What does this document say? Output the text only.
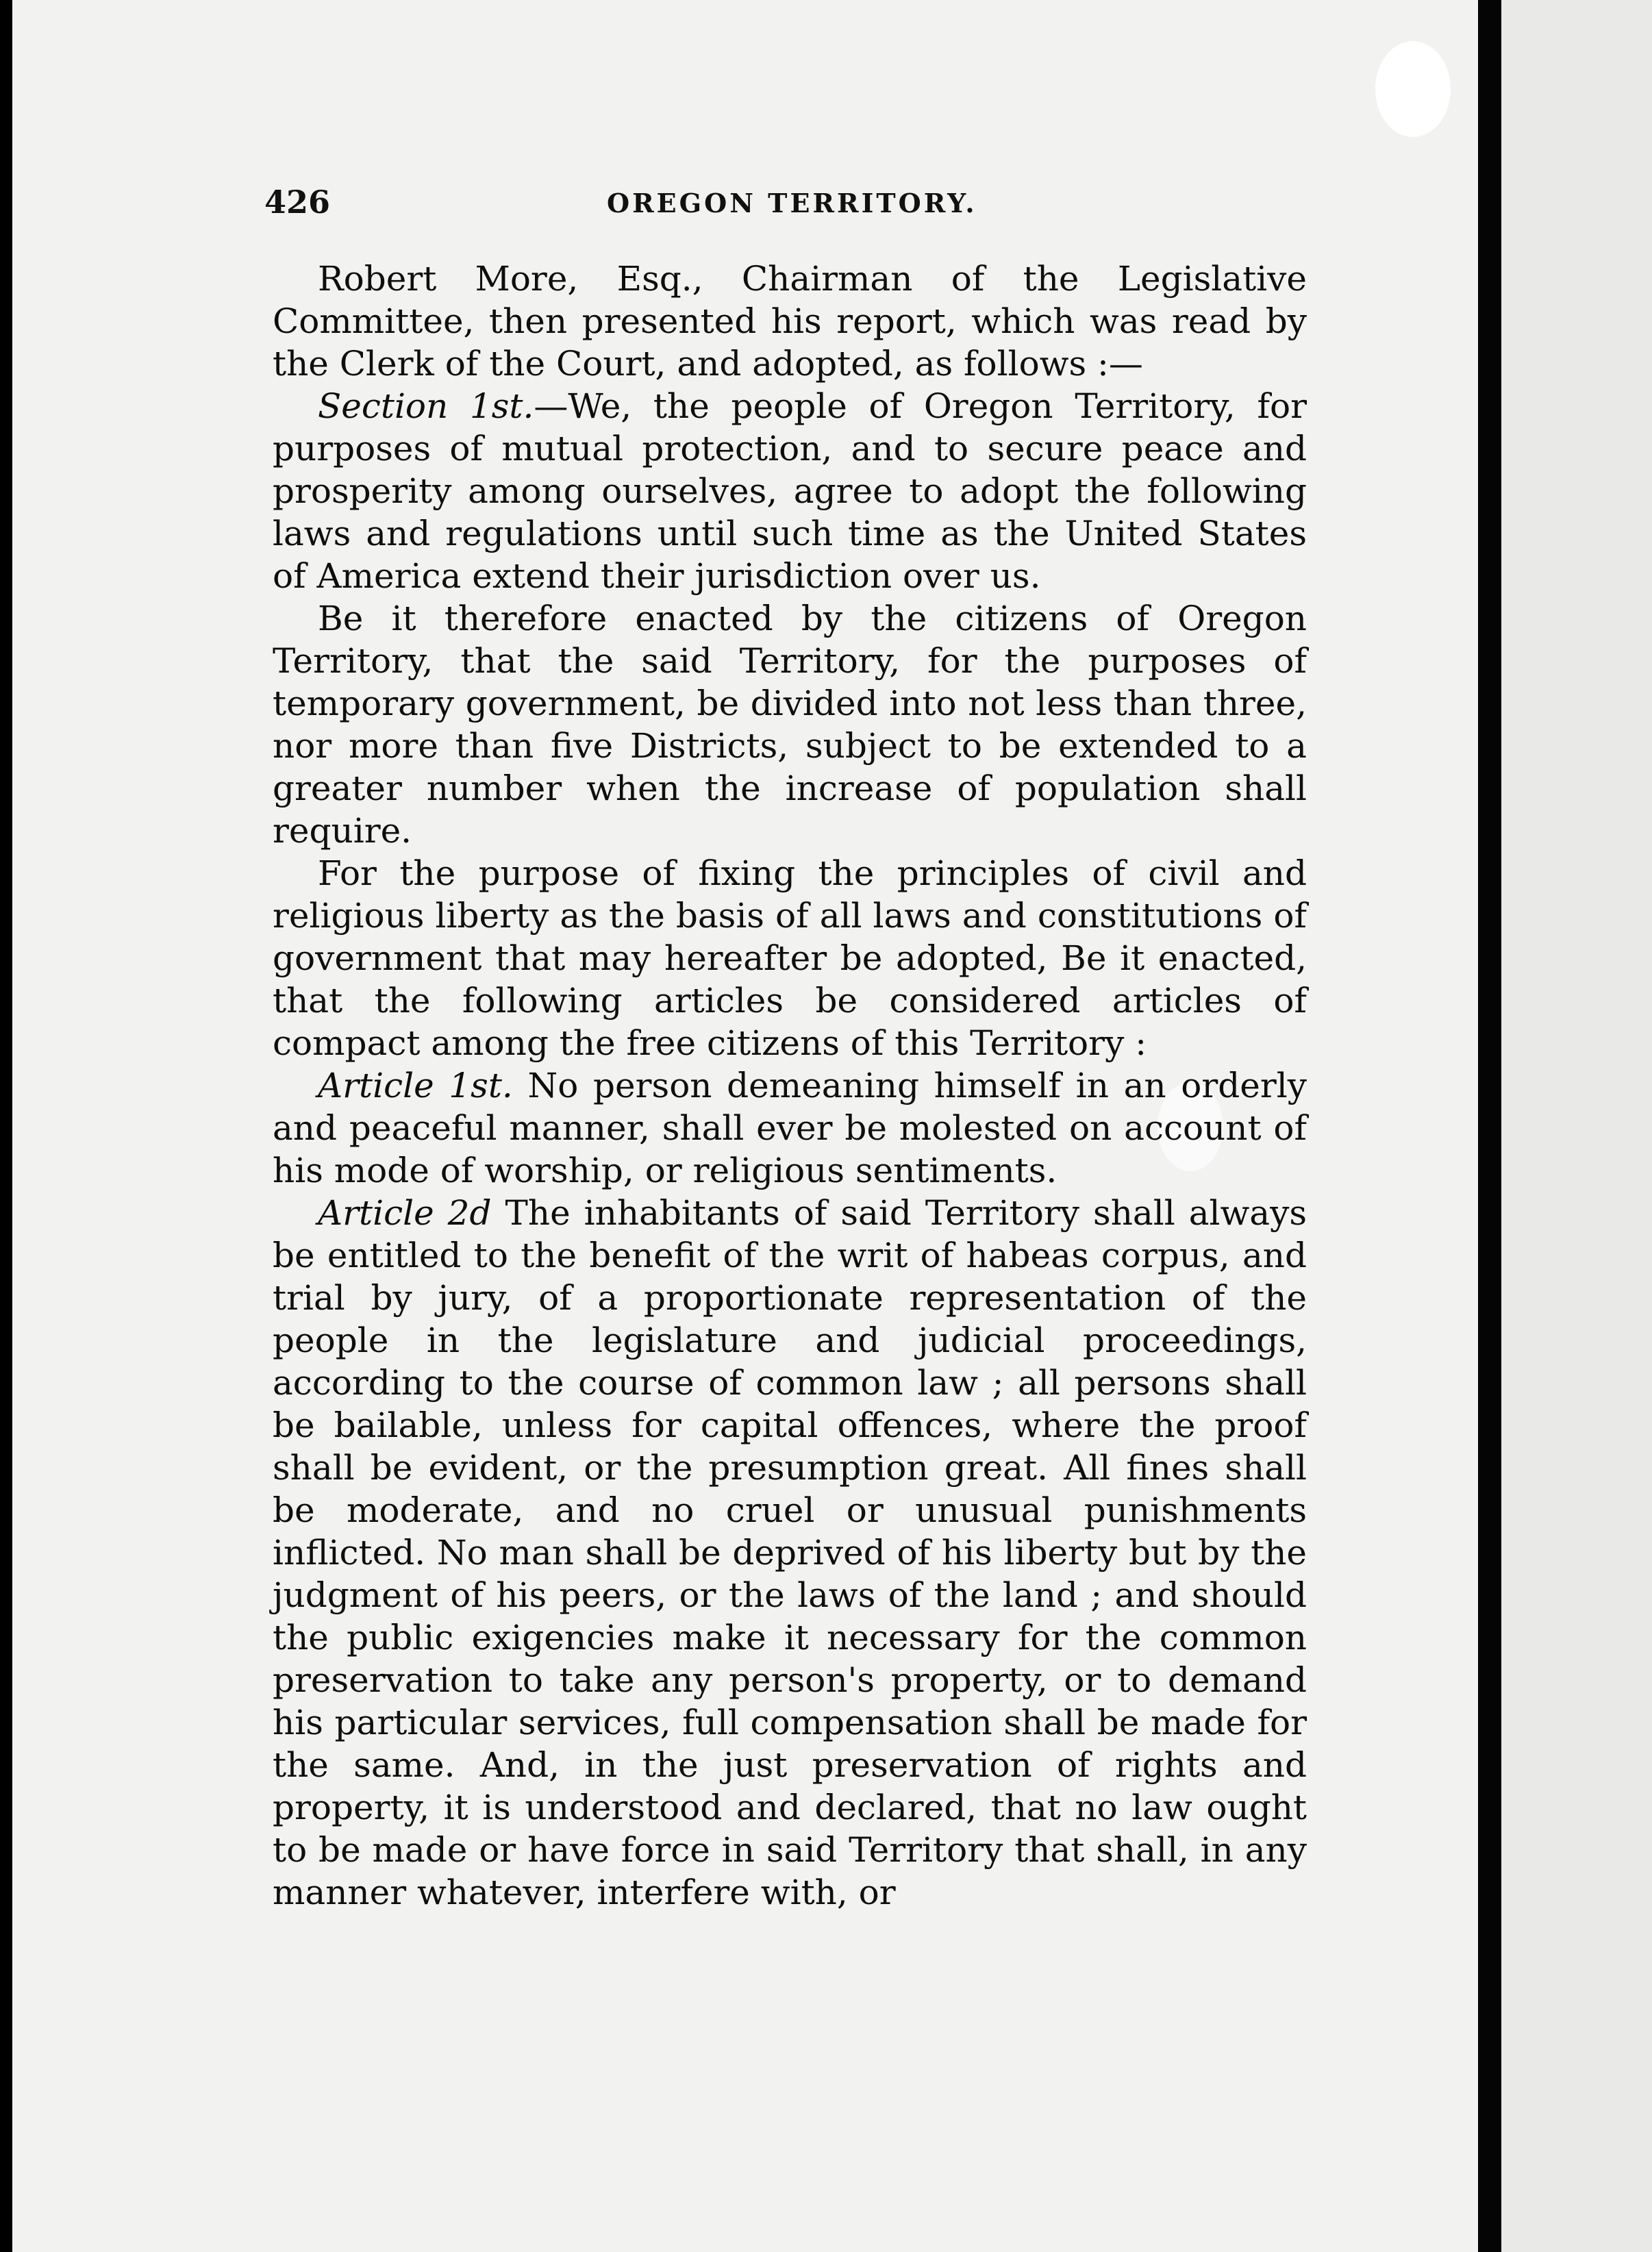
426	OREGON TERRITORY.

Robert More, Esq., Chairman of the Legislative Committee, then presented his report, which was read by the Clerk of the Court, and adopted, as follows :—

Section 1st.—We, the people of Oregon Territory, for purposes of mutual protection, and to secure peace and prosperity among ourselves, agree to adopt the following laws and regulations until such time as the United States of America extend their jurisdiction over us.

Be it therefore enacted by the citizens of Oregon Territory, that the said Territory, for the purposes of temporary government, be divided into not less than three, nor more than five Districts, subject to be extended to a greater number when the increase of population shall require.

For the purpose of fixing the principles of civil and religious liberty as the basis of all laws and constitutions of government that may hereafter be adopted, Be it enacted, that the following articles be considered articles of compact among the free citizens of this Territory :

Article 1st. No person demeaning himself in an orderly and peaceful manner, shall ever be molested on account of his mode of worship, or religious sentiments.

Article 2d The inhabitants of said Territory shall always be entitled to the benefit of the writ of habeas corpus, and trial by jury, of a proportionate representation of the people in the legislature and judicial proceedings, according to the course of common law ; all persons shall be bailable, unless for capital offences, where the proof shall be evident, or the presumption great. All fines shall be moderate, and no cruel or unusual punishments inflicted. No man shall be deprived of his liberty but by the judgment of his peers, or the laws of the land ; and should the public exigencies make it necessary for the common preservation to take any person's property, or to demand his particular services, full compensation shall be made for the same. And, in the just preservation of rights and property, it is understood and declared, that no law ought to be made or have force in said Territory that shall, in any manner whatever, interfere with, or
